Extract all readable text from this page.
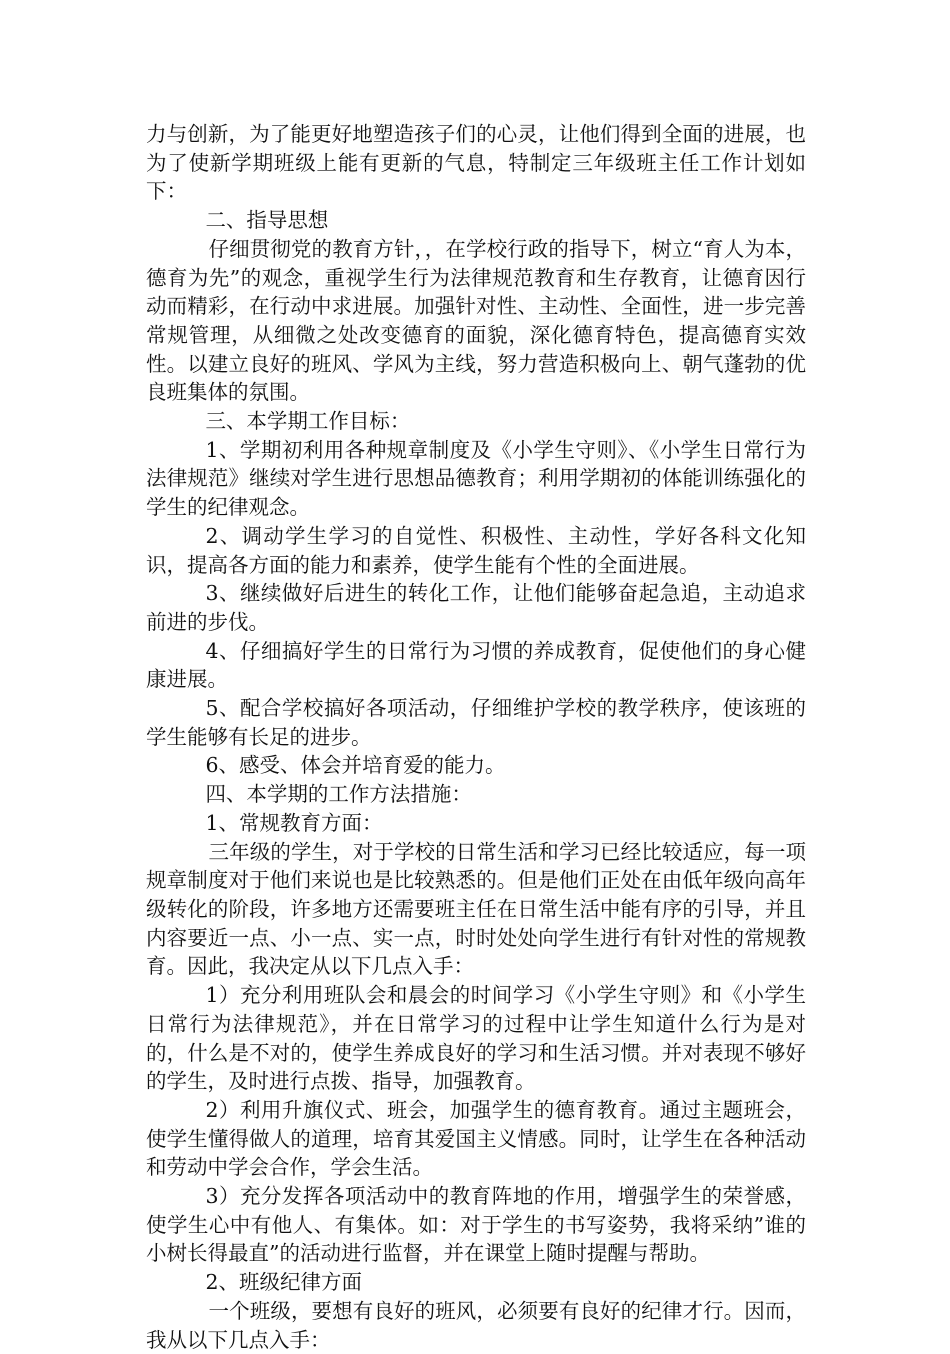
力与创新，为了能更好地塑造孩子们的心灵，让他们得到全面的进展，也为了使新学期班级上能有更新的气息，特制定三年级班主任工作计划如下：

二、指导思想

仔细贯彻党的教育方针，，在学校行政的指导下，树立“育人为本，德育为先”的观念，重视学生行为法律规范教育和生存教育，让德育因行动而精彩，在行动中求进展。加强针对性、主动性、全面性，进一步完善常规管理，从细微之处改变德育的面貌，深化德育特色，提高德育实效性。以建立良好的班风、学风为主线，努力营造积极向上、朝气蓬勃的优良班集体的氛围。

三、本学期工作目标：

1、学期初利用各种规章制度及《小学生守则》、《小学生日常行为法律规范》继续对学生进行思想品德教育；利用学期初的体能训练强化的学生的纪律观念。

2、调动学生学习的自觉性、积极性、主动性，学好各科文化知识，提高各方面的能力和素养，使学生能有个性的全面进展。

3、继续做好后进生的转化工作，让他们能够奋起急追，主动追求前进的步伐。

4、仔细搞好学生的日常行为习惯的养成教育，促使他们的身心健康进展。

5、配合学校搞好各项活动，仔细维护学校的教学秩序，使该班的学生能够有长足的进步。

6、感受、体会并培育爱的能力。

四、本学期的工作方法措施：

1、常规教育方面：

三年级的学生，对于学校的日常生活和学习已经比较适应，每一项规章制度对于他们来说也是比较熟悉的。但是他们正处在由低年级向高年级转化的阶段，许多地方还需要班主任在日常生活中能有序的引导，并且内容要近一点、小一点、实一点，时时处处向学生进行有针对性的常规教育。因此，我决定从以下几点入手：

1）充分利用班队会和晨会的时间学习《小学生守则》和《小学生日常行为法律规范》，并在日常学习的过程中让学生知道什么行为是对的，什么是不对的，使学生养成良好的学习和生活习惯。并对表现不够好的学生，及时进行点拨、指导，加强教育。

2）利用升旗仪式、班会，加强学生的德育教育。通过主题班会，使学生懂得做人的道理，培育其爱国主义情感。同时，让学生在各种活动和劳动中学会合作，学会生活。

3）充分发挥各项活动中的教育阵地的作用，增强学生的荣誉感，使学生心中有他人、有集体。如：对于学生的书写姿势，我将采纳”谁的小树长得最直”的活动进行监督，并在课堂上随时提醒与帮助。

2、班级纪律方面

一个班级，要想有良好的班风，必须要有良好的纪律才行。因而，我从以下几点入手：
